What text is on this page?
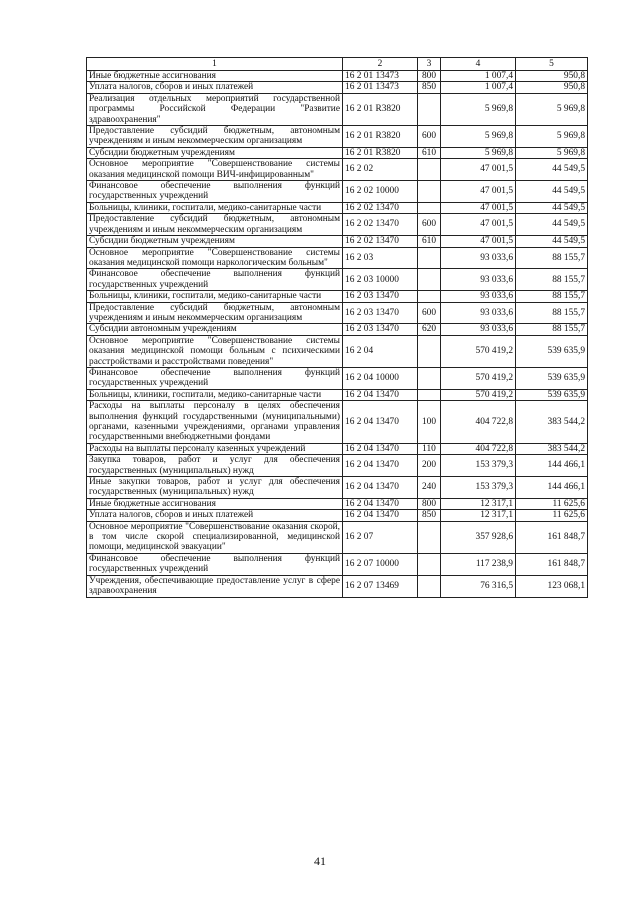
1	2	3	4	5
Иные бюджетные ассигнования	16 2 01 13473	800	1 007,4	950,8
Уплата налогов, сборов и иных платежей	16 2 01 13473	850	1 007,4	950,8
Реализация отдельных мероприятий государственной программы Российской Федерации "Развитие здравоохранения"	16 2 01 R3820		5 969,8	5 969,8
Предоставление субсидий бюджетным, автономным учреждениям и иным некоммерческим организациям	16 2 01 R3820	600	5 969,8	5 969,8
Субсидии бюджетным учреждениям	16 2 01 R3820	610	5 969,8	5 969,8
Основное мероприятие "Совершенствование системы оказания медицинской помощи ВИЧ-инфицированным"	16 2 02		47 001,5	44 549,5
Финансовое обеспечение выполнения функций государственных учреждений	16 2 02 10000		47 001,5	44 549,5
Больницы, клиники, госпитали, медико-санитарные части	16 2 02 13470		47 001,5	44 549,5
Предоставление субсидий бюджетным, автономным учреждениям и иным некоммерческим организациям	16 2 02 13470	600	47 001,5	44 549,5
Субсидии бюджетным учреждениям	16 2 02 13470	610	47 001,5	44 549,5
Основное мероприятие "Совершенствование системы оказания медицинской помощи наркологическим больным"	16 2 03		93 033,6	88 155,7
Финансовое обеспечение выполнения функций государственных учреждений	16 2 03 10000		93 033,6	88 155,7
Больницы, клиники, госпитали, медико-санитарные части	16 2 03 13470		93 033,6	88 155,7
Предоставление субсидий бюджетным, автономным учреждениям и иным некоммерческим организациям	16 2 03 13470	600	93 033,6	88 155,7
Субсидии автономным учреждениям	16 2 03 13470	620	93 033,6	88 155,7
Основное мероприятие "Совершенствование системы оказания медицинской помощи больным с психическими расстройствами и расстройствами поведения"	16 2 04		570 419,2	539 635,9
Финансовое обеспечение выполнения функций государственных учреждений	16 2 04 10000		570 419,2	539 635,9
Больницы, клиники, госпитали, медико-санитарные части	16 2 04 13470		570 419,2	539 635,9
Расходы на выплаты персоналу в целях обеспечения выполнения функций государственными (муниципальными) органами, казенными учреждениями, органами управления государственными внебюджетными фондами	16 2 04 13470	100	404 722,8	383 544,2
Расходы на выплаты персоналу казенных учреждений	16 2 04 13470	110	404 722,8	383 544,2
Закупка товаров, работ и услуг для обеспечения государственных (муниципальных) нужд	16 2 04 13470	200	153 379,3	144 466,1
Иные закупки товаров, работ и услуг для обеспечения государственных (муниципальных) нужд	16 2 04 13470	240	153 379,3	144 466,1
Иные бюджетные ассигнования	16 2 04 13470	800	12 317,1	11 625,6
Уплата налогов, сборов и иных платежей	16 2 04 13470	850	12 317,1	11 625,6
Основное мероприятие "Совершенствование оказания скорой, в том числе скорой специализированной, медицинской помощи, медицинской эвакуации"	16 2 07		357 928,6	161 848,7
Финансовое обеспечение выполнения функций государственных учреждений	16 2 07 10000		117 238,9	161 848,7
Учреждения, обеспечивающие предоставление услуг в сфере здравоохранения	16 2 07 13469		76 316,5	123 068,1
41
